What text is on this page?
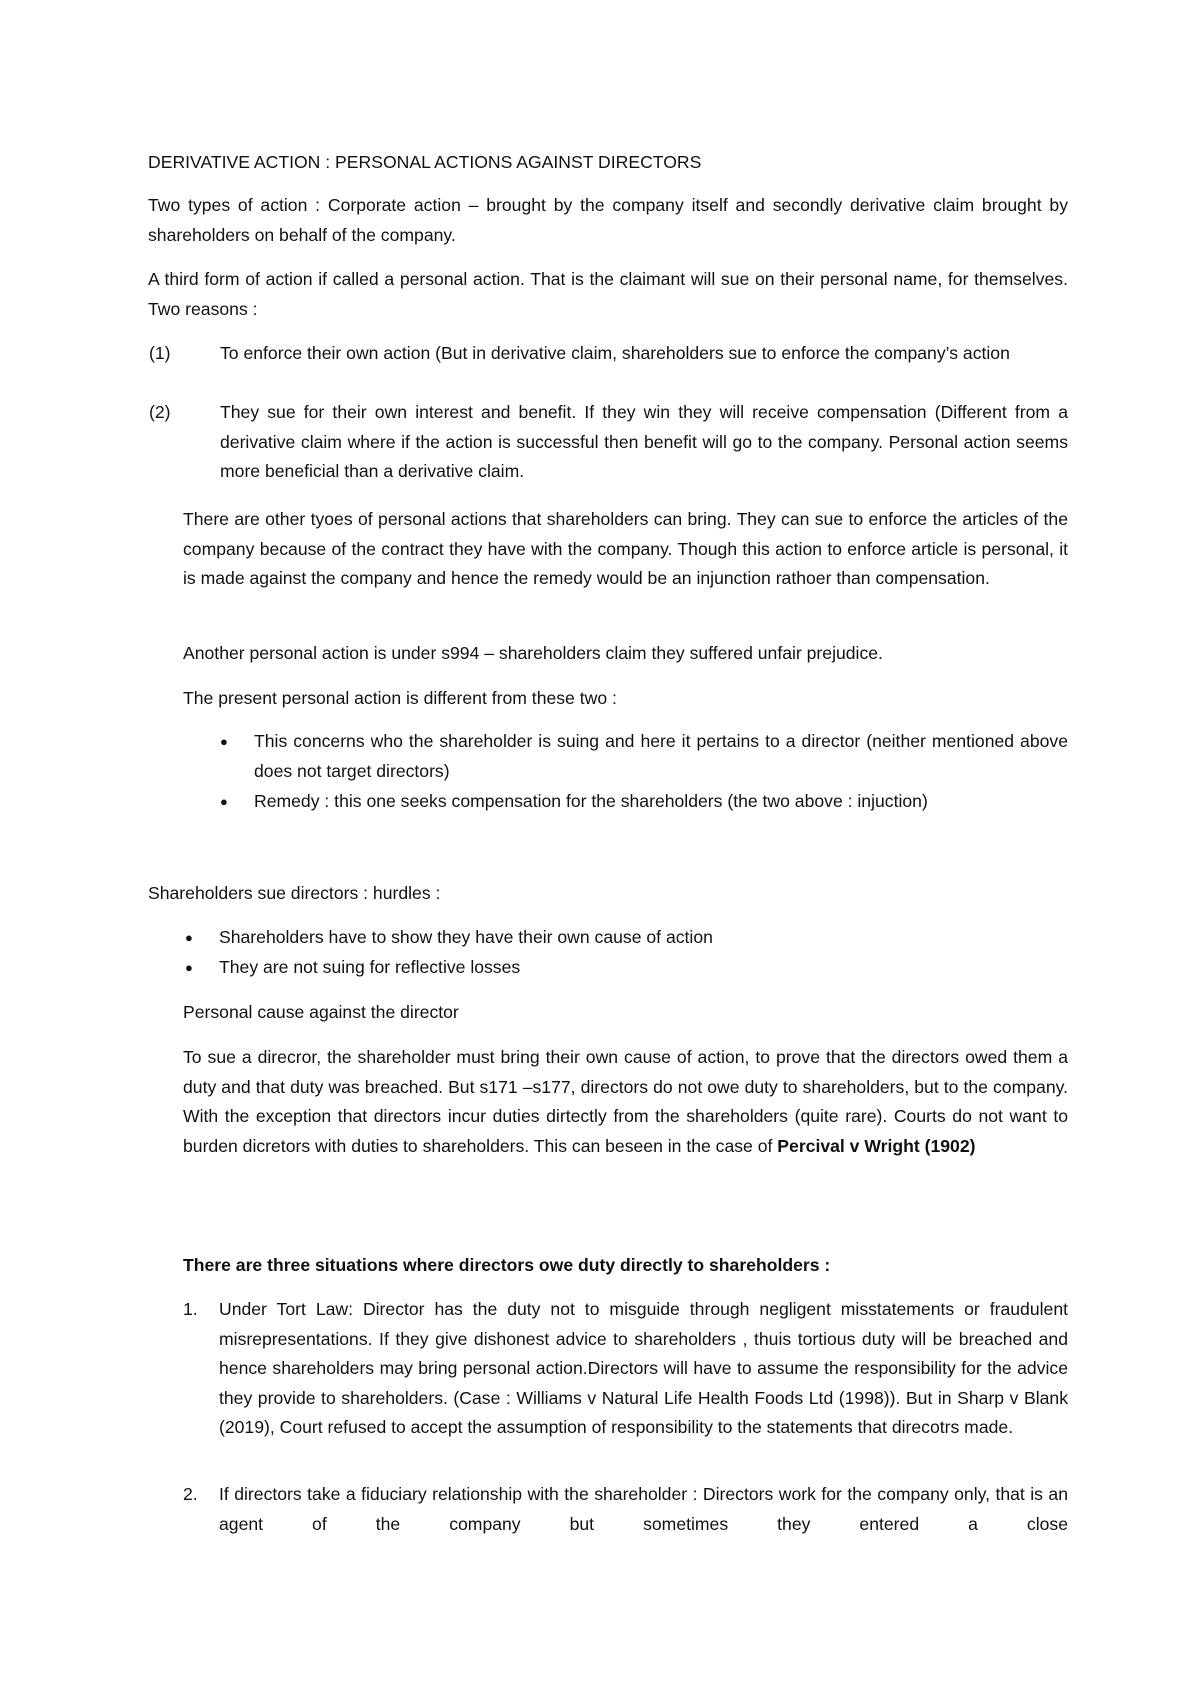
DERIVATIVE ACTION : PERSONAL ACTIONS AGAINST DIRECTORS

Two types of action : Corporate action – brought by the company itself and secondly derivative claim brought by shareholders on behalf of the company.

A third form of action if called a personal action. That is the claimant will sue on their personal name, for themselves. Two reasons :

(1)	To enforce their own action (But in derivative claim, shareholders sue to enforce the company’s action

(2)	They sue for their own interest and benefit. If they win they will receive compensation (Different from a derivative claim where if the action is successful then benefit will go to the company. Personal action seems more beneficial than a derivative claim.

There are other tyoes of personal actions that shareholders can bring. They can sue to enforce the articles of the company because of the contract they have with the company. Though this action to enforce article is personal, it is made against the company and hence the remedy would be an injunction rathoer than compensation.

Another personal action is under s994 – shareholders claim they suffered unfair prejudice.

The present personal action is different from these two :

● This concerns who the shareholder is suing and here it pertains to a director (neither mentioned above does not target directors)

● Remedy : this one seeks compensation for the shareholders (the two above : injuction)

Shareholders sue directors : hurdles :

● Shareholders have to show they have their own cause of action

● They are not suing for reflective losses

Personal cause against the director

To sue a direcror, the shareholder must bring their own cause of action, to prove that the directors owed them a duty and that duty was breached. But s171 –s177, directors do not owe duty to shareholders, but to the company. With the exception that directors incur duties dirtectly from the shareholders (quite rare). Courts do not want to burden dicretors with duties to shareholders. This can beseen in the case of Percival v Wright (1902)

There are three situations where directors owe duty directly to shareholders :

1. Under Tort Law: Director has the duty not to misguide through negligent misstatements or fraudulent misrepresentations. If they give dishonest advice to shareholders , thuis tortious duty will be breached and hence shareholders may bring personal action.Directors will have to assume the responsibility for the advice they provide to shareholders. (Case : Williams v Natural Life Health Foods Ltd (1998)). But in Sharp v Blank (2019), Court refused to accept the assumption of responsibility to the statements that direcotrs made.

2. If directors take a fiduciary relationship with the shareholder : Directors work for the company only, that is an agent of the company but sometimes they entered a close
